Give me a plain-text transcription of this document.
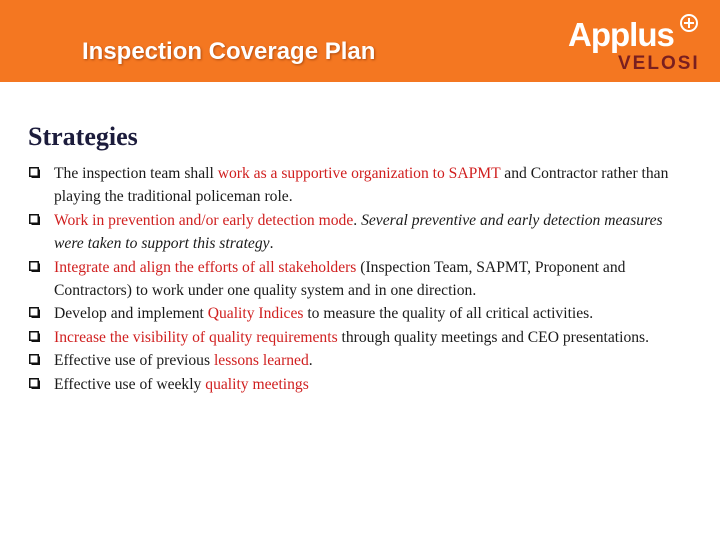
Inspection Coverage Plan	Applus
VELOSI
Strategies
The inspection team shall work as a supportive organization to SAPMT and Contractor rather than playing the traditional policeman role.
Work in prevention and/or early detection mode. Several preventive and early detection measures were taken to support this strategy.
Integrate and align the efforts of all stakeholders (Inspection Team, SAPMT, Proponent and Contractors) to work under one quality system and in one direction.
Develop and implement Quality Indices to measure the quality of all critical activities.
Increase the visibility of quality requirements through quality meetings and CEO presentations.
Effective use of previous lessons learned.
Effective use of weekly quality meetings
